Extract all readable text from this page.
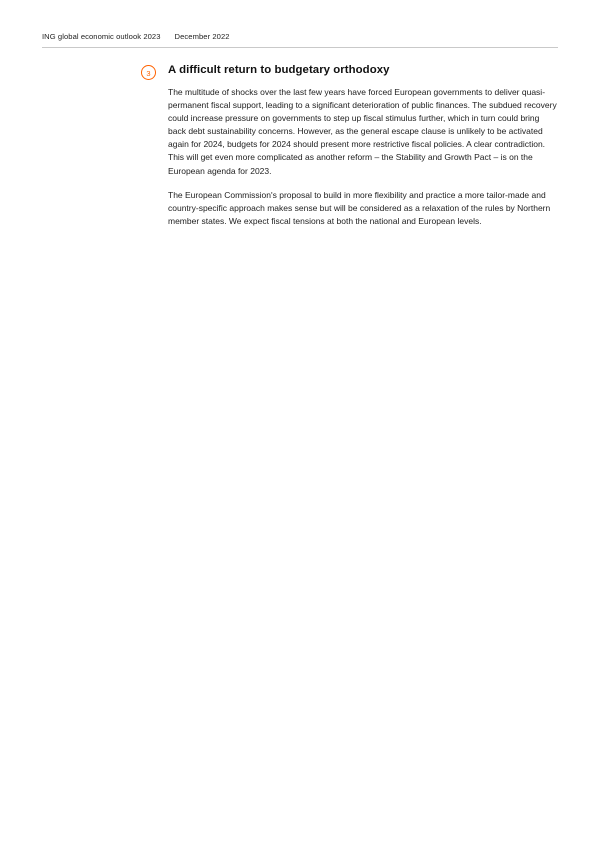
ING global economic outlook 2023 December 2022
3	A difficult return to budgetary orthodoxy

The multitude of shocks over the last few years have forced European governments to deliver quasi-permanent fiscal support, leading to a significant deterioration of public finances. The subdued recovery could increase pressure on governments to step up fiscal stimulus further, which in turn could bring back debt sustainability concerns. However, as the general escape clause is unlikely to be activated again for 2024, budgets for 2024 should present more restrictive fiscal policies. A clear contradiction. This will get even more complicated as another reform – the Stability and Growth Pact – is on the European agenda for 2023.

The European Commission's proposal to build in more flexibility and practice a more tailor-made and country-specific approach makes sense but will be considered as a relaxation of the rules by Northern member states. We expect fiscal tensions at both the national and European levels.
